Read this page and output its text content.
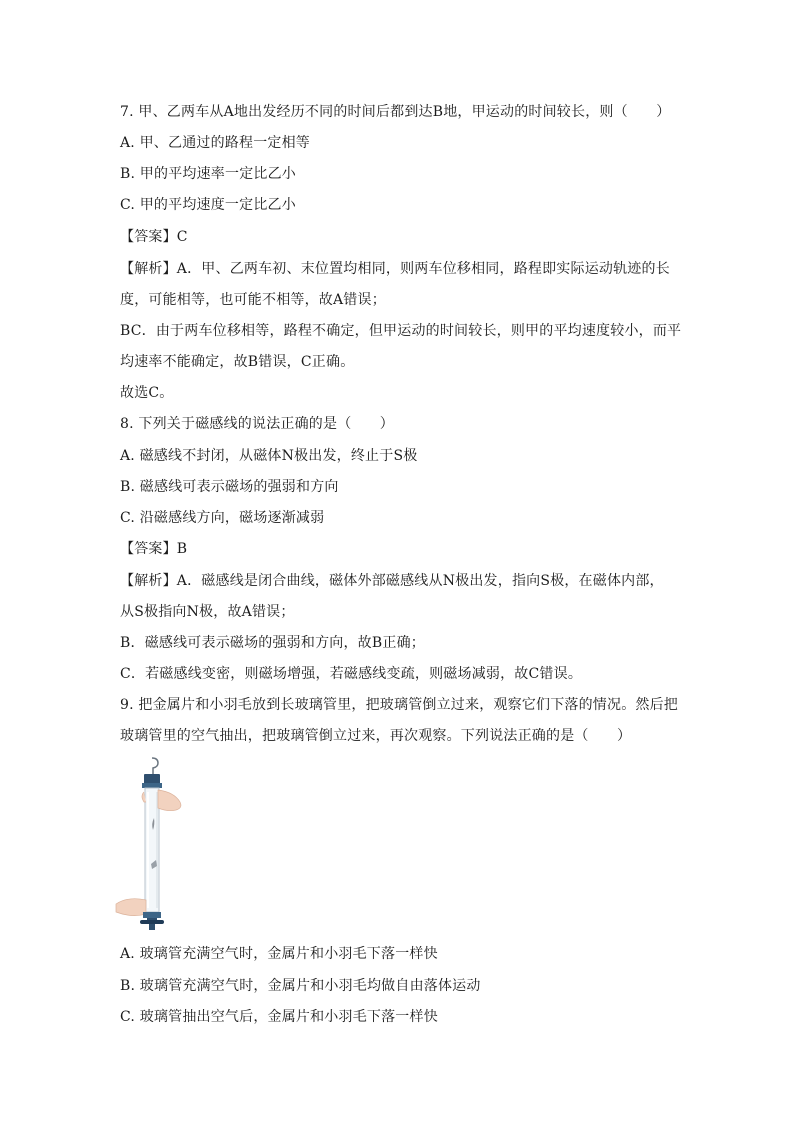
7. 甲、乙两车从A地出发经历不同的时间后都到达B地，甲运动的时间较长，则（　　）
A. 甲、乙通过的路程一定相等
B. 甲的平均速率一定比乙小
C. 甲的平均速度一定比乙小
【答案】C
【解析】A．甲、乙两车初、末位置均相同，则两车位移相同，路程即实际运动轨迹的长
度，可能相等，也可能不相等，故A错误；
BC．由于两车位移相等，路程不确定，但甲运动的时间较长，则甲的平均速度较小，而平
均速率不能确定，故B错误，C正确。
故选C。
8. 下列关于磁感线的说法正确的是（　　）
A. 磁感线不封闭，从磁体N极出发，终止于S极
B. 磁感线可表示磁场的强弱和方向
C. 沿磁感线方向，磁场逐渐减弱
【答案】B
【解析】A．磁感线是闭合曲线，磁体外部磁感线从N极出发，指向S极，在磁体内部，
从S极指向N极，故A错误；
B．磁感线可表示磁场的强弱和方向，故B正确；
C．若磁感线变密，则磁场增强，若磁感线变疏，则磁场减弱，故C错误。
9. 把金属片和小羽毛放到长玻璃管里，把玻璃管倒立过来，观察它们下落的情况。然后把
玻璃管里的空气抽出，把玻璃管倒立过来，再次观察。下列说法正确的是（　　）
A. 玻璃管充满空气时，金属片和小羽毛下落一样快
B. 玻璃管充满空气时，金属片和小羽毛均做自由落体运动
C. 玻璃管抽出空气后，金属片和小羽毛下落一样快
